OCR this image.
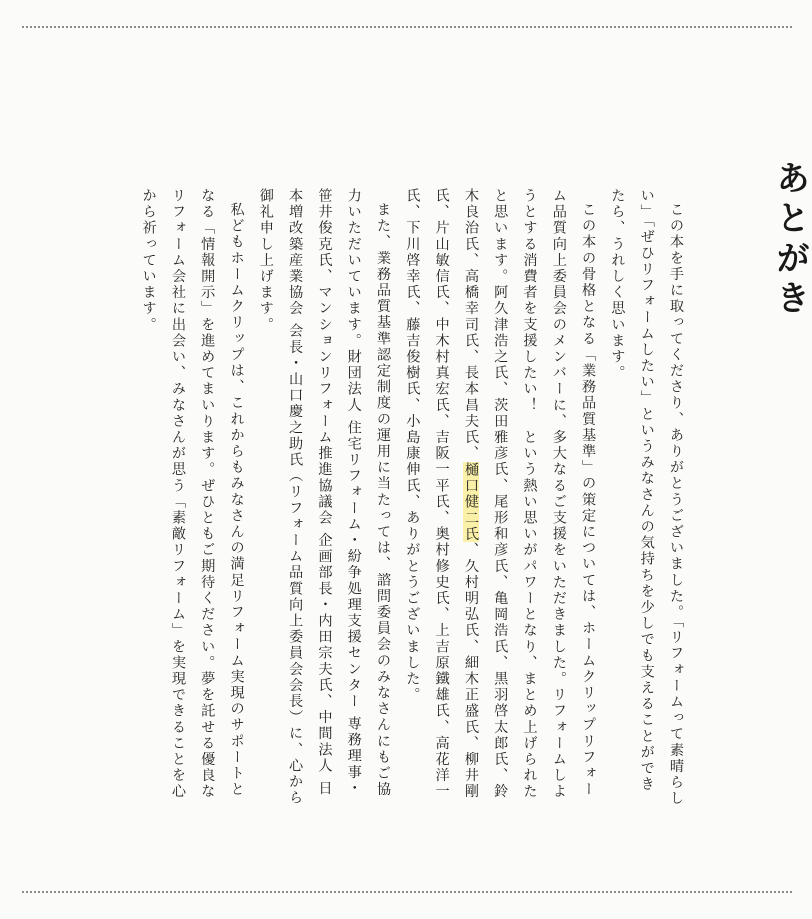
あとがき

この本を手に取ってくださり、ありがとうございました。「リフォームって素晴らしい」「ぜひリフォームしたい」というみなさんの気持ちを少しでも支えることができたら、うれしく思います。

この本の骨格となる「業務品質基準」の策定については、ホームクリップリフォーム品質向上委員会のメンバーに、多大なるご支援をいただきました。リフォームしようとする消費者を支援したい！　という熱い思いがパワーとなり、まとめ上げられたと思います。阿久津浩之氏、茨田雅彦氏、尾形和彦氏、亀岡浩氏、黒羽啓太郎氏、鈴木良治氏、高橋幸司氏、長本昌夫氏、樋口健二氏、久村明弘氏、細木正盛氏、柳井剛氏、片山敏信氏、中木村真宏氏、吉阪一平氏、奥村修史氏、上吉原鐵雄氏、高花洋一氏、下川啓幸氏、藤吉俊樹氏、小島康伸氏、ありがとうございました。

また、業務品質基準認定制度の運用に当たっては、諮問委員会のみなさんにもご協力いただいています。財団法人 住宅リフォーム・紛争処理支援センター 専務理事・笹井俊克氏、マンションリフォーム推進協議会 企画部長・内田宗夫氏、中間法人 日本増改築産業協会 会長・山口慶之助氏（リフォーム品質向上委員会会長）に、心から御礼申し上げます。

私どもホームクリップは、これからもみなさんの満足リフォーム実現のサポートとなる「情報開示」を進めてまいります。ぜひともご期待ください。夢を託せる優良なリフォーム会社に出会い、みなさんが思う「素敵リフォーム」を実現できることを心から祈っています。
